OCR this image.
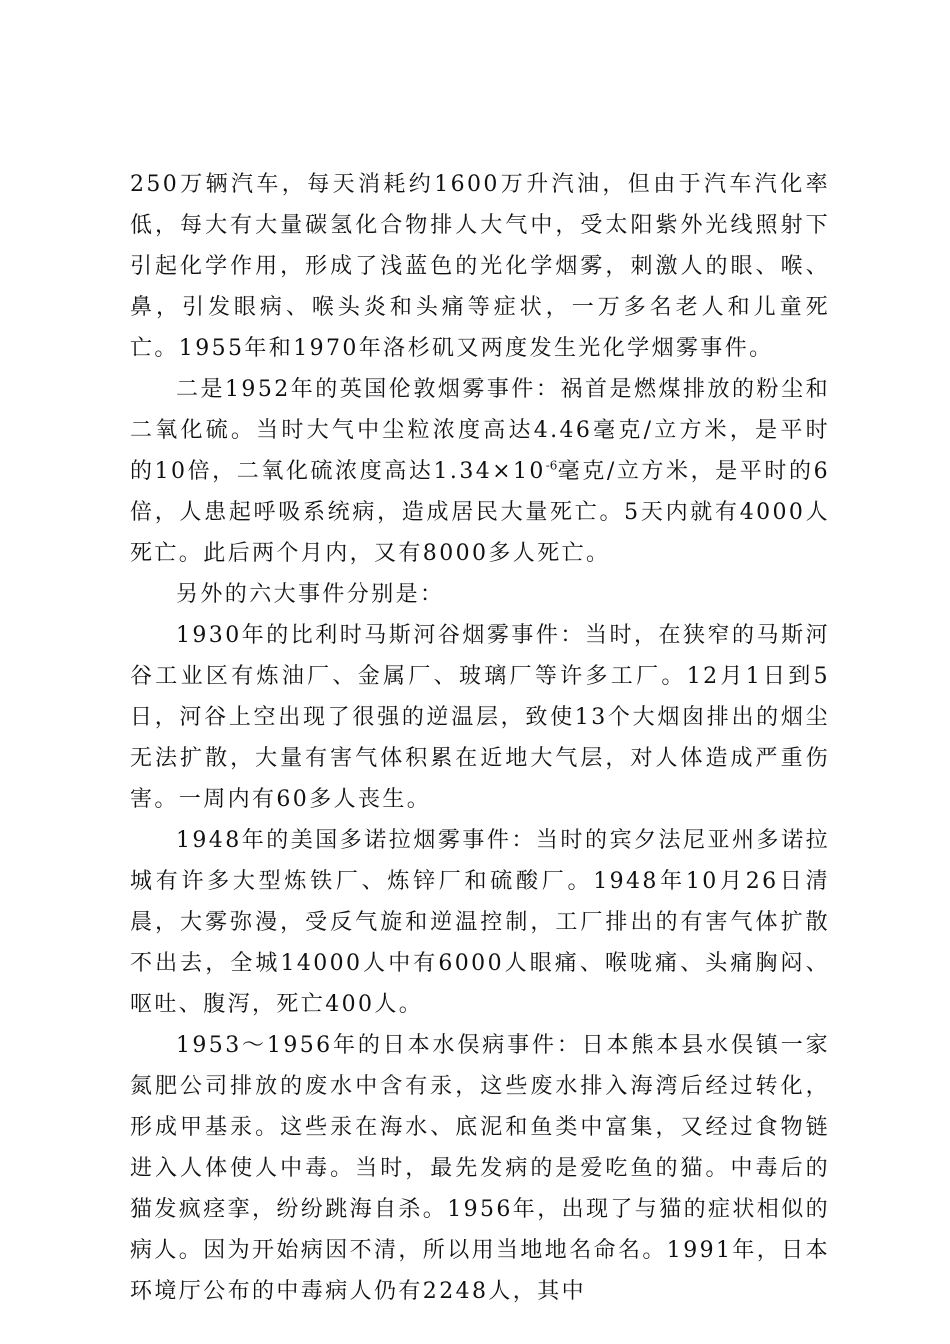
250万辆汽车，每天消耗约1600万升汽油，但由于汽车汽化率低，每大有大量碳氢化合物排人大气中，受太阳紫外光线照射下引起化学作用，形成了浅蓝色的光化学烟雾，刺激人的眼、喉、鼻，引发眼病、喉头炎和头痛等症状，一万多名老人和儿童死亡。1955年和1970年洛杉矶又两度发生光化学烟雾事件。

二是1952年的英国伦敦烟雾事件：祸首是燃煤排放的粉尘和二氧化硫。当时大气中尘粒浓度高达4.46毫克/立方米，是平时的10倍，二氧化硫浓度高达$1.34\times 10^{-6}$毫克/立方米，是平时的6倍，人患起呼吸系统病，造成居民大量死亡。5天内就有4000人死亡。此后两个月内，又有8000多人死亡。

另外的六大事件分别是：

1930年的比利时马斯河谷烟雾事件：当时，在狭窄的马斯河谷工业区有炼油厂、金属厂、玻璃厂等许多工厂。12月1日到5日，河谷上空出现了很强的逆温层，致使13个大烟囱排出的烟尘无法扩散，大量有害气体积累在近地大气层，对人体造成严重伤害。一周内有60多人丧生。

1948年的美国多诺拉烟雾事件：当时的宾夕法尼亚州多诺拉城有许多大型炼铁厂、炼锌厂和硫酸厂。1948年10月26日清晨，大雾弥漫，受反气旋和逆温控制，工厂排出的有害气体扩散不出去，全城14000人中有6000人眼痛、喉咙痛、头痛胸闷、呕吐、腹泻，死亡400人。

1953～1956年的日本水俣病事件：日本熊本县水俣镇一家氮肥公司排放的废水中含有汞，这些废水排入海湾后经过转化，形成甲基汞。这些汞在海水、底泥和鱼类中富集，又经过食物链进入人体使人中毒。当时，最先发病的是爱吃鱼的猫。中毒后的猫发疯痉挛，纷纷跳海自杀。1956年，出现了与猫的症状相似的病人。因为开始病因不清，所以用当地地名命名。1991年，日本环境厅公布的中毒病人仍有2248人，其中
